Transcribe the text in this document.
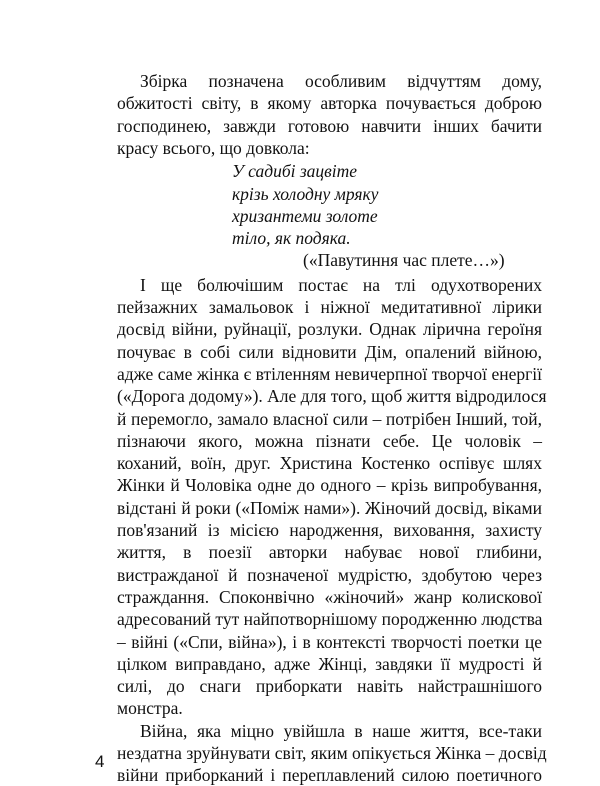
Збірка позначена особливим відчуттям дому,
обжитості світу, в якому авторка почувається доброю
господинею, завжди готовою навчити інших бачити
красу всього, що довкола:
У садибі зацвіте
крізь холодну мряку
хризантеми золоте
тіло, як подяка.
(«Павутиння час плете…»)
І ще болючішим постає на тлі одухотворених
пейзажних замальовок і ніжної медитативної лірики
досвід війни, руйнації, розлуки. Однак лірична героїня
почуває в собі сили відновити Дім, опалений війною,
адже саме жінка є втіленням невичерпної творчої енергії
(«Дорога додому»). Але для того, щоб життя відродилося
й перемогло, замало власної сили – потрібен Інший, той,
пізнаючи якого, можна пізнати себе. Це чоловік –
коханий, воїн, друг. Христина Костенко оспівує шлях
Жінки й Чоловіка одне до одного – крізь випробування,
відстані й роки («Поміж нами»). Жіночий досвід, віками
пов'язаний із місією народження, виховання, захисту
життя, в поезії авторки набуває нової глибини,
вистражданої й позначеної мудрістю, здобутою через
страждання. Споконвічно «жіночий» жанр колискової
адресований тут найпотворнішому породженню людства
– війні («Спи, війна»), і в контексті творчості поетки це
цілком виправдано, адже Жінці, завдяки її мудрості й
силі, до снаги приборкати навіть найстрашнішого
монстра.
Війна, яка міцно увійшла в наше життя, все-таки
нездатна зруйнувати світ, яким опікується Жінка – досвід
війни приборканий і переплавлений силою поетичного
4
